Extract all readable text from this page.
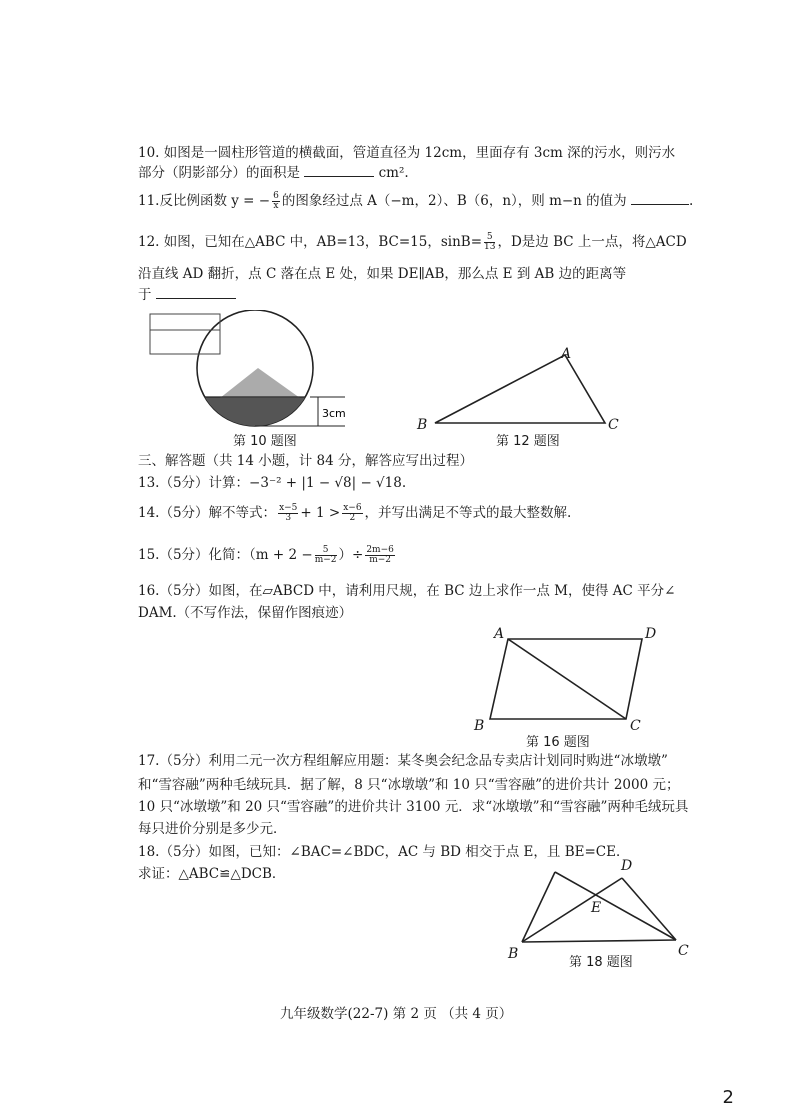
10. 如图是一圆柱形管道的横截面，管道直径为 12cm，里面存有 3cm 深的污水，则污水
部分（阴影部分）的面积是	cm².
11.反比例函数 y = − $\frac{6}{x}$ 的图象经过点 A（−m，2）、B（6，n），则 m−n 的值为	.
12. 如图，已知在△ABC 中，AB=13，BC=15，$\sin B= \frac{5}{13}$ ，D是边 BC 上一点，将△ACD
沿直线 AD 翻折，点 C 落在点 E 处，如果 DE∥AB，那么点 E 到 AB 边的距离等
于
3cm
第 10 题图
A
B	C
第 12 题图
三、解答题（共 14 小题，计 84 分，解答应写出过程）
13.（5分）计算：−3⁻² + |1 − √8| − √18.
14.（5分）解不等式： $\frac{x-5}{3} + 1 > \frac{x-6}{2}$ ，并写出满足不等式的最大整数解.
15.（5分）化简：（$m + 2 - \frac{5}{m-2}$ ）÷ $\frac{2m-6}{m-2}$
16.（5分）如图，在▱ABCD 中，请利用尺规，在 BC 边上求作一点 M，使得 AC 平分∠
DAM.（不写作法，保留作图痕迹）
A	D
B	C
第 16 题图
17.（5分）利用二元一次方程组解应用题：某冬奥会纪念品专卖店计划同时购进“冰墩墩”
和“雪容融”两种毛绒玩具．据了解，8 只“冰墩墩”和 10 只“雪容融”的进价共计 2000 元；
10 只“冰墩墩”和 20 只“雪容融”的进价共计 3100 元．求“冰墩墩”和“雪容融”两种毛绒玩具
每只进价分别是多少元．
18.（5分）如图，已知：∠BAC=∠BDC，AC 与 BD 相交于点 E，且 BE=CE．
求证：△ABC≌△DCB．	D
E
B	C
第 18 题图
九年级数学(22-7) 第 2 页 （共 4 页）
2
